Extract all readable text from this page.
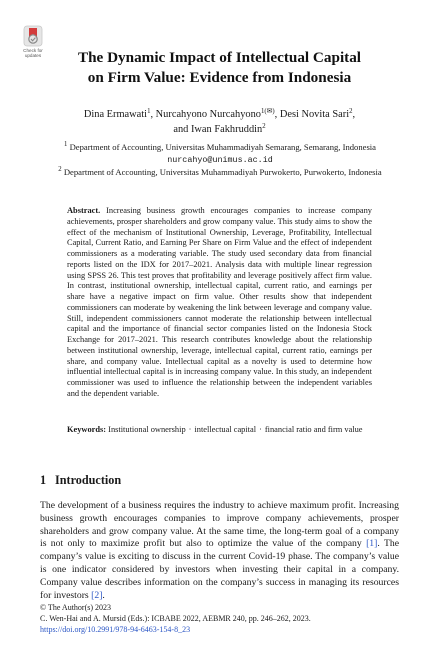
Check for
updates	The Dynamic Impact of Intellectual Capital
on Firm Value: Evidence from Indonesia
Dina Ermawati$^1$, Nurcahyono Nurcahyono$^{1(✉)}$, Desi Novita Sari$^2$,
and Iwan Fakhruddin$^2$
$^1$ Department of Accounting, Universitas Muhammadiyah Semarang, Semarang, Indonesia
nurcahyo@unimus.ac.id
$^2$ Department of Accounting, Universitas Muhammadiyah Purwokerto, Purwokerto, Indonesia
Abstract. Increasing business growth encourages companies to increase company achievements, prosper shareholders and grow company value. This study aims to show the effect of the mechanism of Institutional Ownership, Leverage, Profitability, Intellectual Capital, Current Ratio, and Earning Per Share on Firm Value and the effect of independent commissioners as a moderating variable. The study used secondary data from financial reports listed on the IDX for 2017–2021. Analysis data with multiple linear regression using SPSS 26. This test proves that profitability and leverage positively affect firm value. In contrast, institutional ownership, intellectual capital, current ratio, and earnings per share have a negative impact on firm value. Other results show that independent commissioners can moderate by weakening the link between leverage and company value. Still, independent commissioners cannot moderate the relationship between intellectual capital and the importance of financial sector companies listed on the Indonesia Stock Exchange for 2017–2021. This research contributes knowledge about the relationship between institutional ownership, leverage, intellectual capital, current ratio, earnings per share, and company value. Intellectual capital as a novelty is used to determine how influential intellectual capital is in increasing company value. In this study, an independent commissioner was used to influence the relationship between the independent variables and the dependent variable.
Keywords: Institutional ownership · intellectual capital · financial ratio and firm value
1 Introduction
The development of a business requires the industry to achieve maximum profit. Increasing business growth encourages companies to improve company achievements, prosper shareholders and grow company value. At the same time, the long-term goal of a company is not only to maximize profit but also to optimize the value of the company [1]. The company’s value is exciting to discuss in the current Covid-19 phase. The company’s value is one indicator considered by investors when investing their capital in a company. Company value describes information on the company’s success in managing its resources for investors [2].
© The Author(s) 2023
C. Wen-Hai and A. Mursid (Eds.): ICBABE 2022, AEBMR 240, pp. 246–262, 2023.
https://doi.org/10.2991/978-94-6463-154-8_23
